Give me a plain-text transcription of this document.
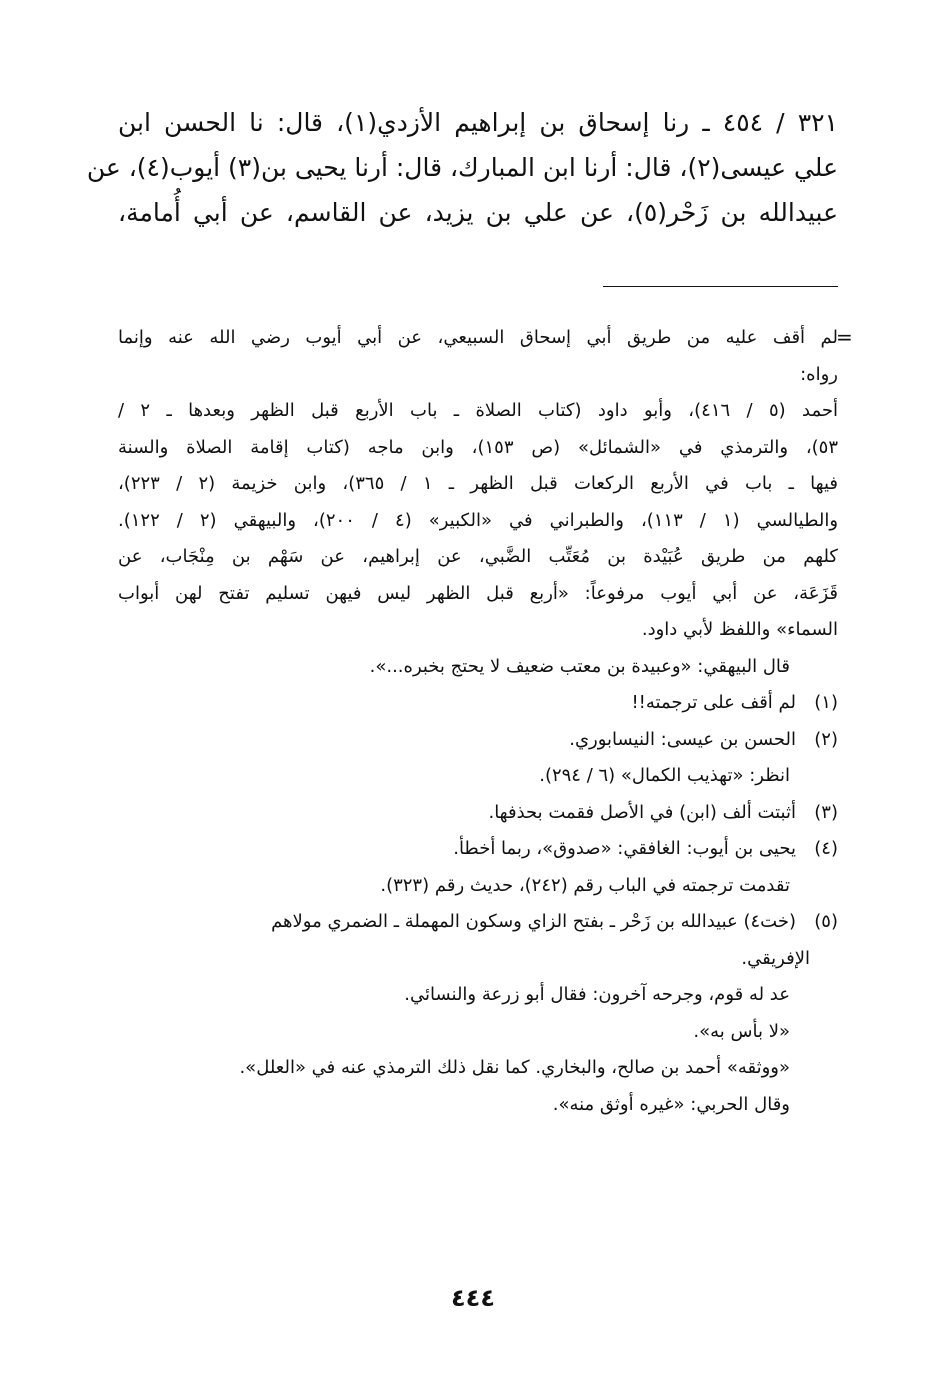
٣٢١ / ٤٥٤ ـ رنا إسحاق بن إبراهيم الأزدي(١)، قال: نا الحسن ابن
علي عيسى(٢)، قال: أرنا ابن المبارك، قال: أرنا يحيى بن(٣) أيوب(٤)، عن
عبيدالله بن زَحْر(٥)، عن علي بن يزيد، عن القاسم، عن أبي أُمامة،
=
لم أقف عليه من طريق أبي إسحاق السبيعي، عن أبي أيوب رضي الله عنه وإنما
رواه:
أحمد (٥ / ٤١٦)، وأبو داود (كتاب الصلاة ـ باب الأربع قبل الظهر وبعدها ـ ٢ /
٥٣)، والترمذي في «الشمائل» (ص ١٥٣)، وابن ماجه (كتاب إقامة الصلاة والسنة
فيها ـ باب في الأربع الركعات قبل الظهر ـ ١ / ٣٦٥)، وابن خزيمة (٢ / ٢٢٣)،
والطيالسي (١ / ١١٣)، والطبراني في «الكبير» (٤ / ٢٠٠)، والبيهقي (٢ / ١٢٢).
كلهم من طريق عُبَيْدة بن مُعَتِّب الضَّبي، عن إبراهيم، عن سَهْم بن مِنْجَاب، عن
قَزَعَة، عن أبي أيوب مرفوعاً: «أربع قبل الظهر ليس فيهن تسليم تفتح لهن أبواب
السماء» واللفظ لأبي داود.
قال البيهقي: «وعبيدة بن معتب ضعيف لا يحتج بخبره...».
(١)لم أقف على ترجمته!!
(٢)الحسن بن عيسى: النيسابوري.
انظر: «تهذيب الكمال» (٦ / ٢٩٤).
(٣)أثبتت ألف (ابن) في الأصل فقمت بحذفها.
(٤)يحيى بن أيوب: الغافقي: «صدوق»، ربما أخطأ.
تقدمت ترجمته في الباب رقم (٢٤٢)، حديث رقم (٣٢٣).
(٥)(خت٤) عبيدالله بن زَحْر ـ بفتح الزاي وسكون المهملة ـ الضمري مولاهم
الإفريقي.
عد له قوم، وجرحه آخرون: فقال أبو زرعة والنسائي.
«لا بأس به».
«ووثقه» أحمد بن صالح، والبخاري. كما نقل ذلك الترمذي عنه في «العلل».
وقال الحربي: «غيره أوثق منه».
٤٤٤
